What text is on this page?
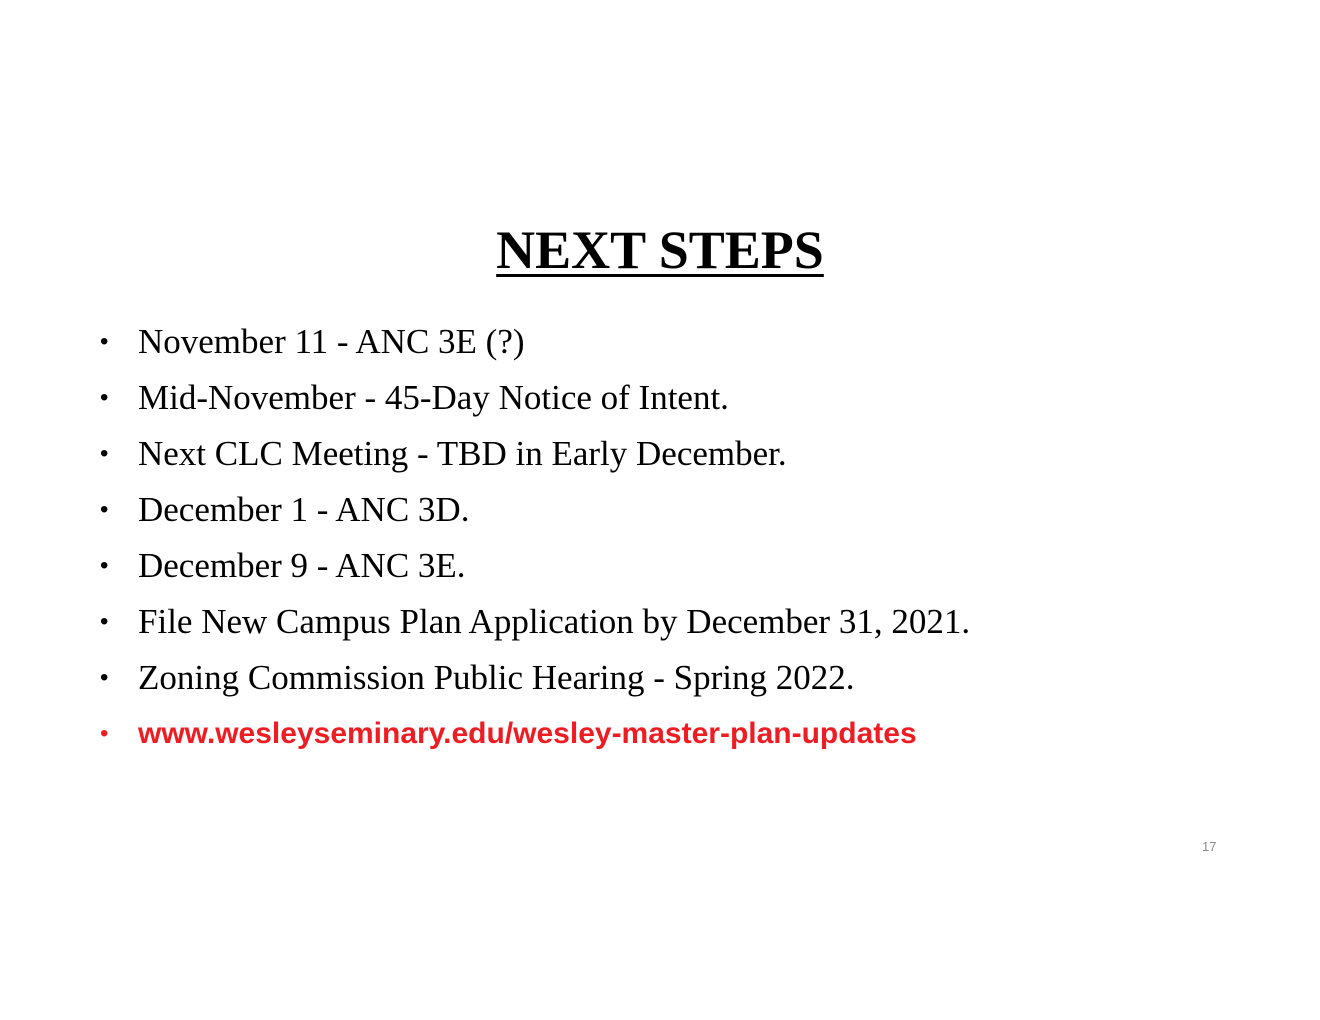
NEXT STEPS
• November 11 - ANC 3E (?)
• Mid-November - 45-Day Notice of Intent.
• Next CLC Meeting - TBD in Early December.
• December 1 - ANC 3D.
• December 9 - ANC 3E.
• File New Campus Plan Application by December 31, 2021.
• Zoning Commission Public Hearing - Spring 2022.
• www.wesleyseminary.edu/wesley-master-plan-updates
17
